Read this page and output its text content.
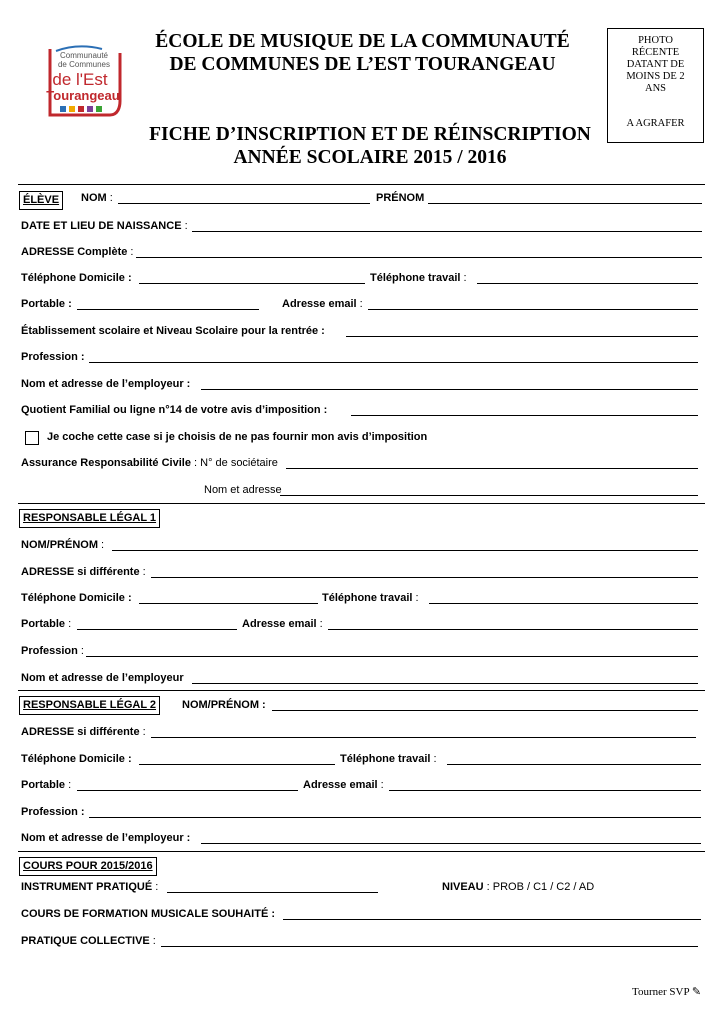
Communauté
de Communes
de l'Est
Tourangeau
ÉCOLE DE MUSIQUE DE LA COMMUNAUTÉ
DE COMMUNES DE L’EST TOURANGEAU
FICHE D’INSCRIPTION ET DE RÉINSCRIPTION
ANNÉE SCOLAIRE 2015 / 2016
PHOTO
RÉCENTE
DATANT DE
MOINS DE 2
ANS
A AGRAFER
ÉLÈVE	NOM :	PRÉNOM
DATE ET LIEU DE NAISSANCE :
ADRESSE Complète :
Téléphone Domicile :	Téléphone travail :
Portable :	Adresse email :
Établissement scolaire et Niveau Scolaire pour la rentrée :
Profession :
Nom et adresse de l’employeur :
Quotient Familial ou ligne n°14 de votre avis d’imposition :
Je coche cette case si je choisis de ne pas fournir mon avis d’imposition
Assurance Responsabilité Civile : N° de sociétaire
Nom et adresse
RESPONSABLE LÉGAL 1
NOM/PRÉNOM :
ADRESSE si différente :
Téléphone Domicile :	Téléphone travail :
Portable :	Adresse email :
Profession :
Nom et adresse de l’employeur
RESPONSABLE LÉGAL 2	NOM/PRÉNOM :
ADRESSE si différente :
Téléphone Domicile :	Téléphone travail :
Portable :	Adresse email :
Profession :
Nom et adresse de l’employeur :
COURS POUR 2015/2016
INSTRUMENT PRATIQUÉ :	NIVEAU : PROB / C1 / C2 / AD
COURS DE FORMATION MUSICALE SOUHAITÉ :
PRATIQUE COLLECTIVE :
Tourner SVP ✎
